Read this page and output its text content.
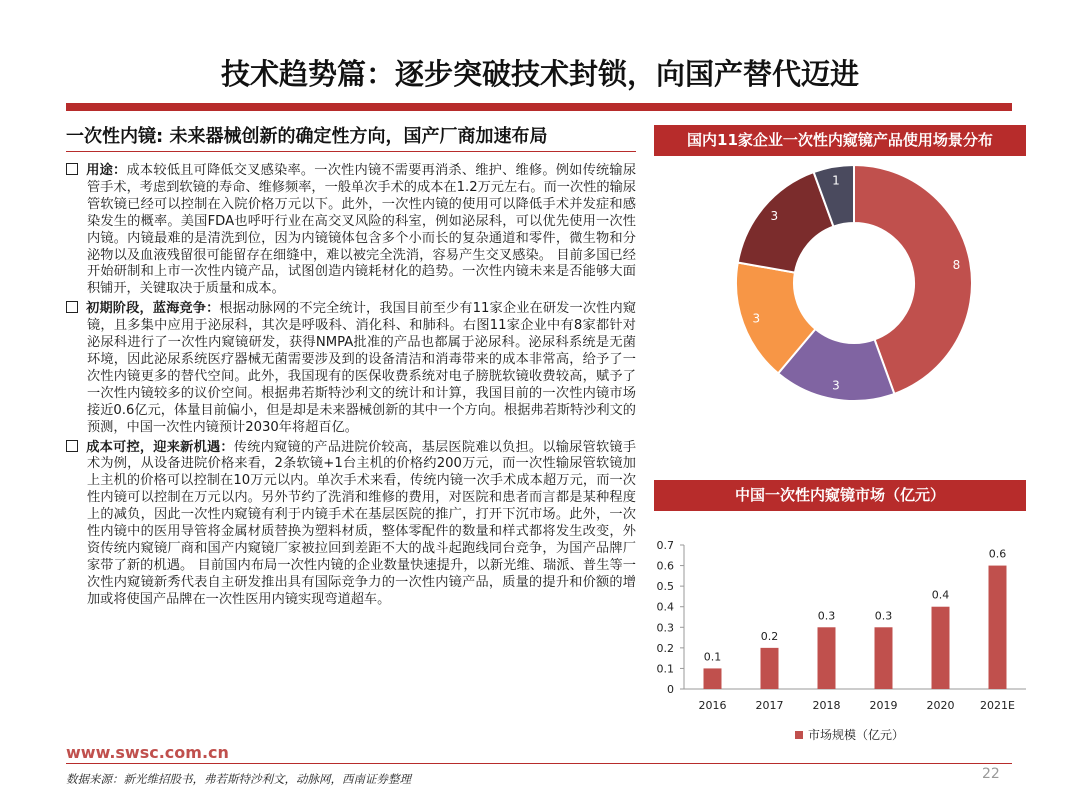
技术趋势篇：逐步突破技术封锁，向国产替代迈进
一次性内镜: 未来器械创新的确定性方向，国产厂商加速布局

用途：成本较低且可降低交叉感染率。一次性内镜不需要再消杀、维护、维修。例如传统输尿管手术，考虑到软镜的寿命、维修频率，一般单次手术的成本在1.2万元左右。而一次性的输尿管软镜已经可以控制在入院价格万元以下。此外，一次性内镜的使用可以降低手术并发症和感染发生的概率。美国FDA也呼吁行业在高交叉风险的科室，例如泌尿科，可以优先使用一次性内镜。内镜最难的是清洗到位，因为内镜镜体包含多个小而长的复杂通道和零件，微生物和分泌物以及血液残留很可能留存在细缝中，难以被完全洗消，容易产生交叉感染。 目前多国已经开始研制和上市一次性内镜产品，试图创造内镜耗材化的趋势。一次性内镜未来是否能够大面积铺开，关键取决于质量和成本。

初期阶段，蓝海竞争：根据动脉网的不完全统计，我国目前至少有11家企业在研发一次性内窥镜，且多集中应用于泌尿科，其次是呼吸科、消化科、和肺科。右图11家企业中有8家都针对泌尿科进行了一次性内窥镜研发，获得NMPA批准的产品也都属于泌尿科。泌尿科系统是无菌环境，因此泌尿系统医疗器械无菌需要涉及到的设备清洁和消毒带来的成本非常高，给予了一次性内镜更多的替代空间。此外，我国现有的医保收费系统对电子膀胱软镜收费较高，赋予了一次性内镜较多的议价空间。根据弗若斯特沙利文的统计和计算，我国目前的一次性内镜市场接近0.6亿元，体量目前偏小，但是却是未来器械创新的其中一个方向。根据弗若斯特沙利文的预测，中国一次性内镜预计2030年将超百亿。

成本可控，迎来新机遇：传统内窥镜的产品进院价较高，基层医院难以负担。以输尿管软镜手术为例，从设备进院价格来看，2条软镜+1台主机的价格约200万元，而一次性输尿管软镜加上主机的价格可以控制在10万元以内。单次手术来看，传统内镜一次手术成本超万元，而一次性内镜可以控制在万元以内。另外节约了洗消和维修的费用，对医院和患者而言都是某种程度上的减负，因此一次性内窥镜有利于内镜手术在基层医院的推广，打开下沉市场。此外，一次性内镜中的医用导管将金属材质替换为塑料材质，整体零配件的数量和样式都将发生改变，外资传统内窥镜厂商和国产内窥镜厂家被拉回到差距不大的战斗起跑线同台竞争，为国产品牌厂家带了新的机遇。 目前国内布局一次性内镜的企业数量快速提升，以新光维、瑞派、普生等一次性内窥镜新秀代表自主研发推出具有国际竞争力的一次性内镜产品，质量的提升和价额的增加或将使国产品牌在一次性医用内镜实现弯道超车。

国内11家企业一次性内窥镜产品使用场景分布
8
3
3
3
1
中国一次性内窥镜市场（亿元）
0
0.1
0.2
0.3
0.4
0.5
0.6
0.7
0.1
2016
0.2
2017
0.3
2018
0.3
2019
0.4
2020
0.6
2021E
市场规模（亿元）
www.swsc.com.cn
数据来源：新光维招股书，弗若斯特沙利文，动脉网，西南证券整理	22
